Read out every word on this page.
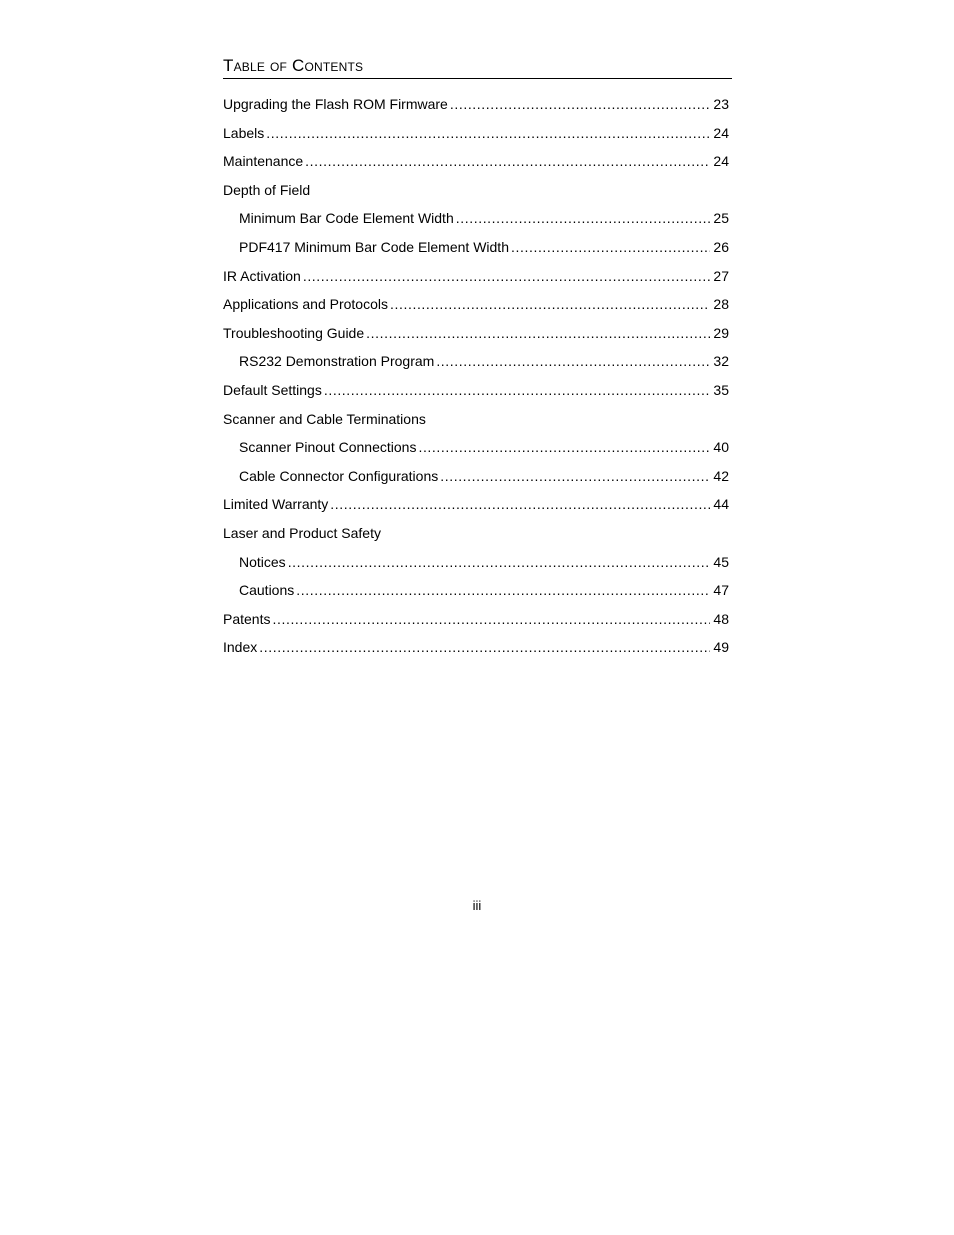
Table of Contents
Upgrading the Flash ROM Firmware .....	23
Labels .....	24
Maintenance .....	24
Depth of Field
Minimum Bar Code Element Width .....	25
PDF417 Minimum Bar Code Element Width .....	26
IR Activation .....	27
Applications and Protocols .....	28
Troubleshooting Guide .....	29
RS232 Demonstration Program .....	32
Default Settings .....	35
Scanner and Cable Terminations
Scanner Pinout Connections .....	40
Cable Connector Configurations .....	42
Limited Warranty .....	44
Laser and Product Safety
Notices .....	45
Cautions .....	47
Patents .....	48
Index .....	49
iii
